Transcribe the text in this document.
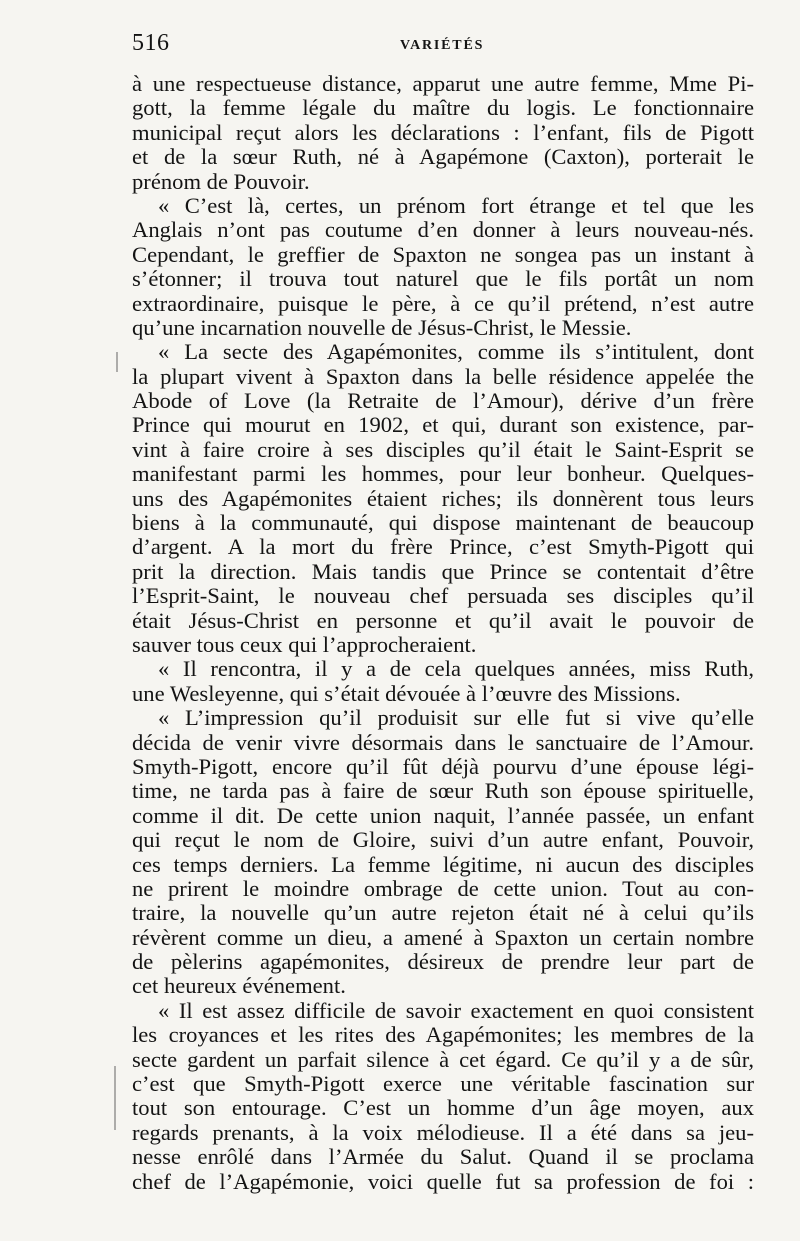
516	VARIÉTÉS
à une respectueuse distance, apparut une autre femme, Mme Pi-
gott, la femme légale du maître du logis. Le fonctionnaire
municipal reçut alors les déclarations : l’enfant, fils de Pigott
et de la sœur Ruth, né à Agapémone (Caxton), porterait le
prénom de Pouvoir.
« C’est là, certes, un prénom fort étrange et tel que les
Anglais n’ont pas coutume d’en donner à leurs nouveau-nés.
Cependant, le greffier de Spaxton ne songea pas un instant à
s’étonner; il trouva tout naturel que le fils portât un nom
extraordinaire, puisque le père, à ce qu’il prétend, n’est autre
qu’une incarnation nouvelle de Jésus-Christ, le Messie.
« La secte des Agapémonites, comme ils s’intitulent, dont
la plupart vivent à Spaxton dans la belle résidence appelée the
Abode of Love (la Retraite de l’Amour), dérive d’un frère
Prince qui mourut en 1902, et qui, durant son existence, par-
vint à faire croire à ses disciples qu’il était le Saint-Esprit se
manifestant parmi les hommes, pour leur bonheur. Quelques-
uns des Agapémonites étaient riches; ils donnèrent tous leurs
biens à la communauté, qui dispose maintenant de beaucoup
d’argent. A la mort du frère Prince, c’est Smyth-Pigott qui
prit la direction. Mais tandis que Prince se contentait d’être
l’Esprit-Saint, le nouveau chef persuada ses disciples qu’il
était Jésus-Christ en personne et qu’il avait le pouvoir de
sauver tous ceux qui l’approcheraient.
« Il rencontra, il y a de cela quelques années, miss Ruth,
une Wesleyenne, qui s’était dévouée à l’œuvre des Missions.
« L’impression qu’il produisit sur elle fut si vive qu’elle
décida de venir vivre désormais dans le sanctuaire de l’Amour.
Smyth-Pigott, encore qu’il fût déjà pourvu d’une épouse légi-
time, ne tarda pas à faire de sœur Ruth son épouse spirituelle,
comme il dit. De cette union naquit, l’année passée, un enfant
qui reçut le nom de Gloire, suivi d’un autre enfant, Pouvoir,
ces temps derniers. La femme légitime, ni aucun des disciples
ne prirent le moindre ombrage de cette union. Tout au con-
traire, la nouvelle qu’un autre rejeton était né à celui qu’ils
révèrent comme un dieu, a amené à Spaxton un certain nombre
de pèlerins agapémonites, désireux de prendre leur part de
cet heureux événement.
« Il est assez difficile de savoir exactement en quoi consistent
les croyances et les rites des Agapémonites; les membres de la
secte gardent un parfait silence à cet égard. Ce qu’il y a de sûr,
c’est que Smyth-Pigott exerce une véritable fascination sur
tout son entourage. C’est un homme d’un âge moyen, aux
regards prenants, à la voix mélodieuse. Il a été dans sa jeu-
nesse enrôlé dans l’Armée du Salut. Quand il se proclama
chef de l’Agapémonie, voici quelle fut sa profession de foi :
